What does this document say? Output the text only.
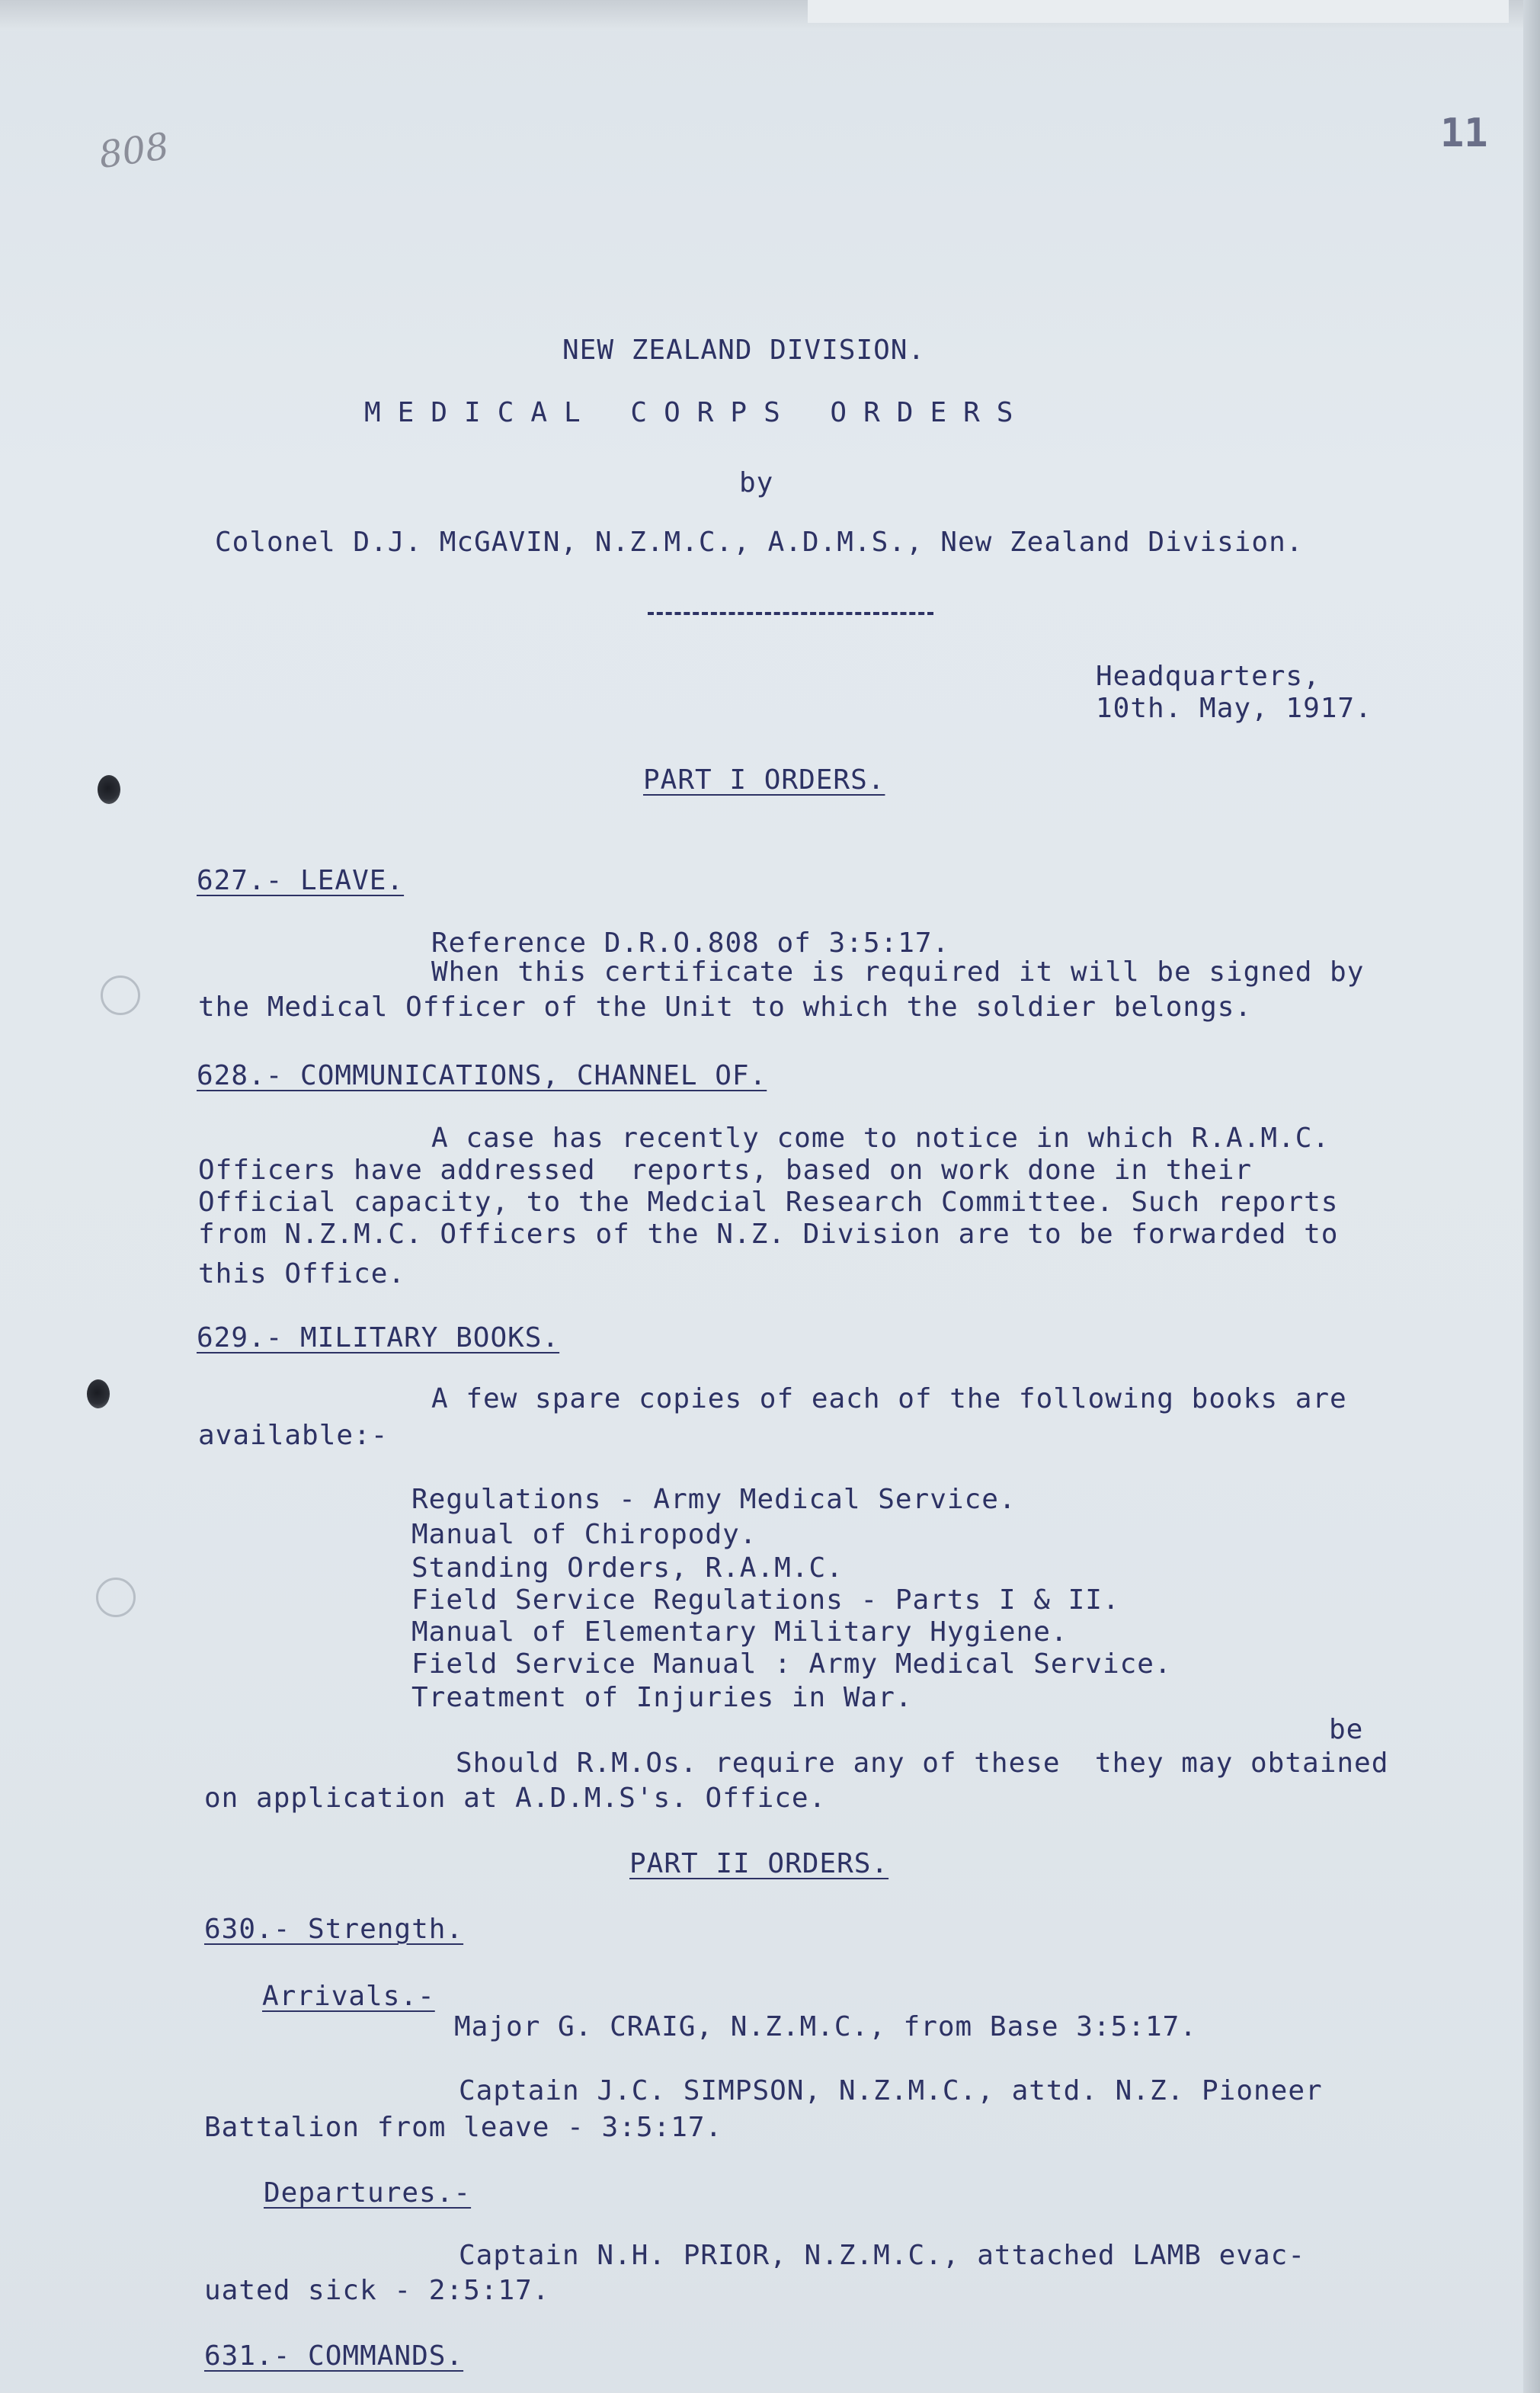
808	11
NEW ZEALAND DIVISION.
MEDICAL CORPS ORDERS
by
Colonel D.J. McGAVIN, N.Z.M.C., A.D.M.S., New Zealand Division.
Headquarters,
10th. May, 1917.
PART I ORDERS.
627.- LEAVE.
Reference D.R.O.808 of 3:5:17.
When this certificate is required it will be signed by
the Medical Officer of the Unit to which the soldier belongs.
628.- COMMUNICATIONS, CHANNEL OF.
A case has recently come to notice in which R.A.M.C.
Officers have addressed  reports, based on work done in their
Official capacity, to the Medcial Research Committee. Such reports
from N.Z.M.C. Officers of the N.Z. Division are to be forwarded to
this Office.
629.- MILITARY BOOKS.
A few spare copies of each of the following books are
available:-
Regulations - Army Medical Service.
Manual of Chiropody.
Standing Orders, R.A.M.C.
Field Service Regulations - Parts I & II.
Manual of Elementary Military Hygiene.
Field Service Manual : Army Medical Service.
Treatment of Injuries in War.
be
Should R.M.Os. require any of these  they may obtained
on application at A.D.M.S's. Office.
PART II ORDERS.
630.- Strength.
Arrivals.-
Major G. CRAIG, N.Z.M.C., from Base 3:5:17.
Captain J.C. SIMPSON, N.Z.M.C., attd. N.Z. Pioneer
Battalion from leave - 3:5:17.
Departures.-
Captain N.H. PRIOR, N.Z.M.C., attached LAMB evac-
uated sick - 2:5:17.
631.- COMMANDS.
